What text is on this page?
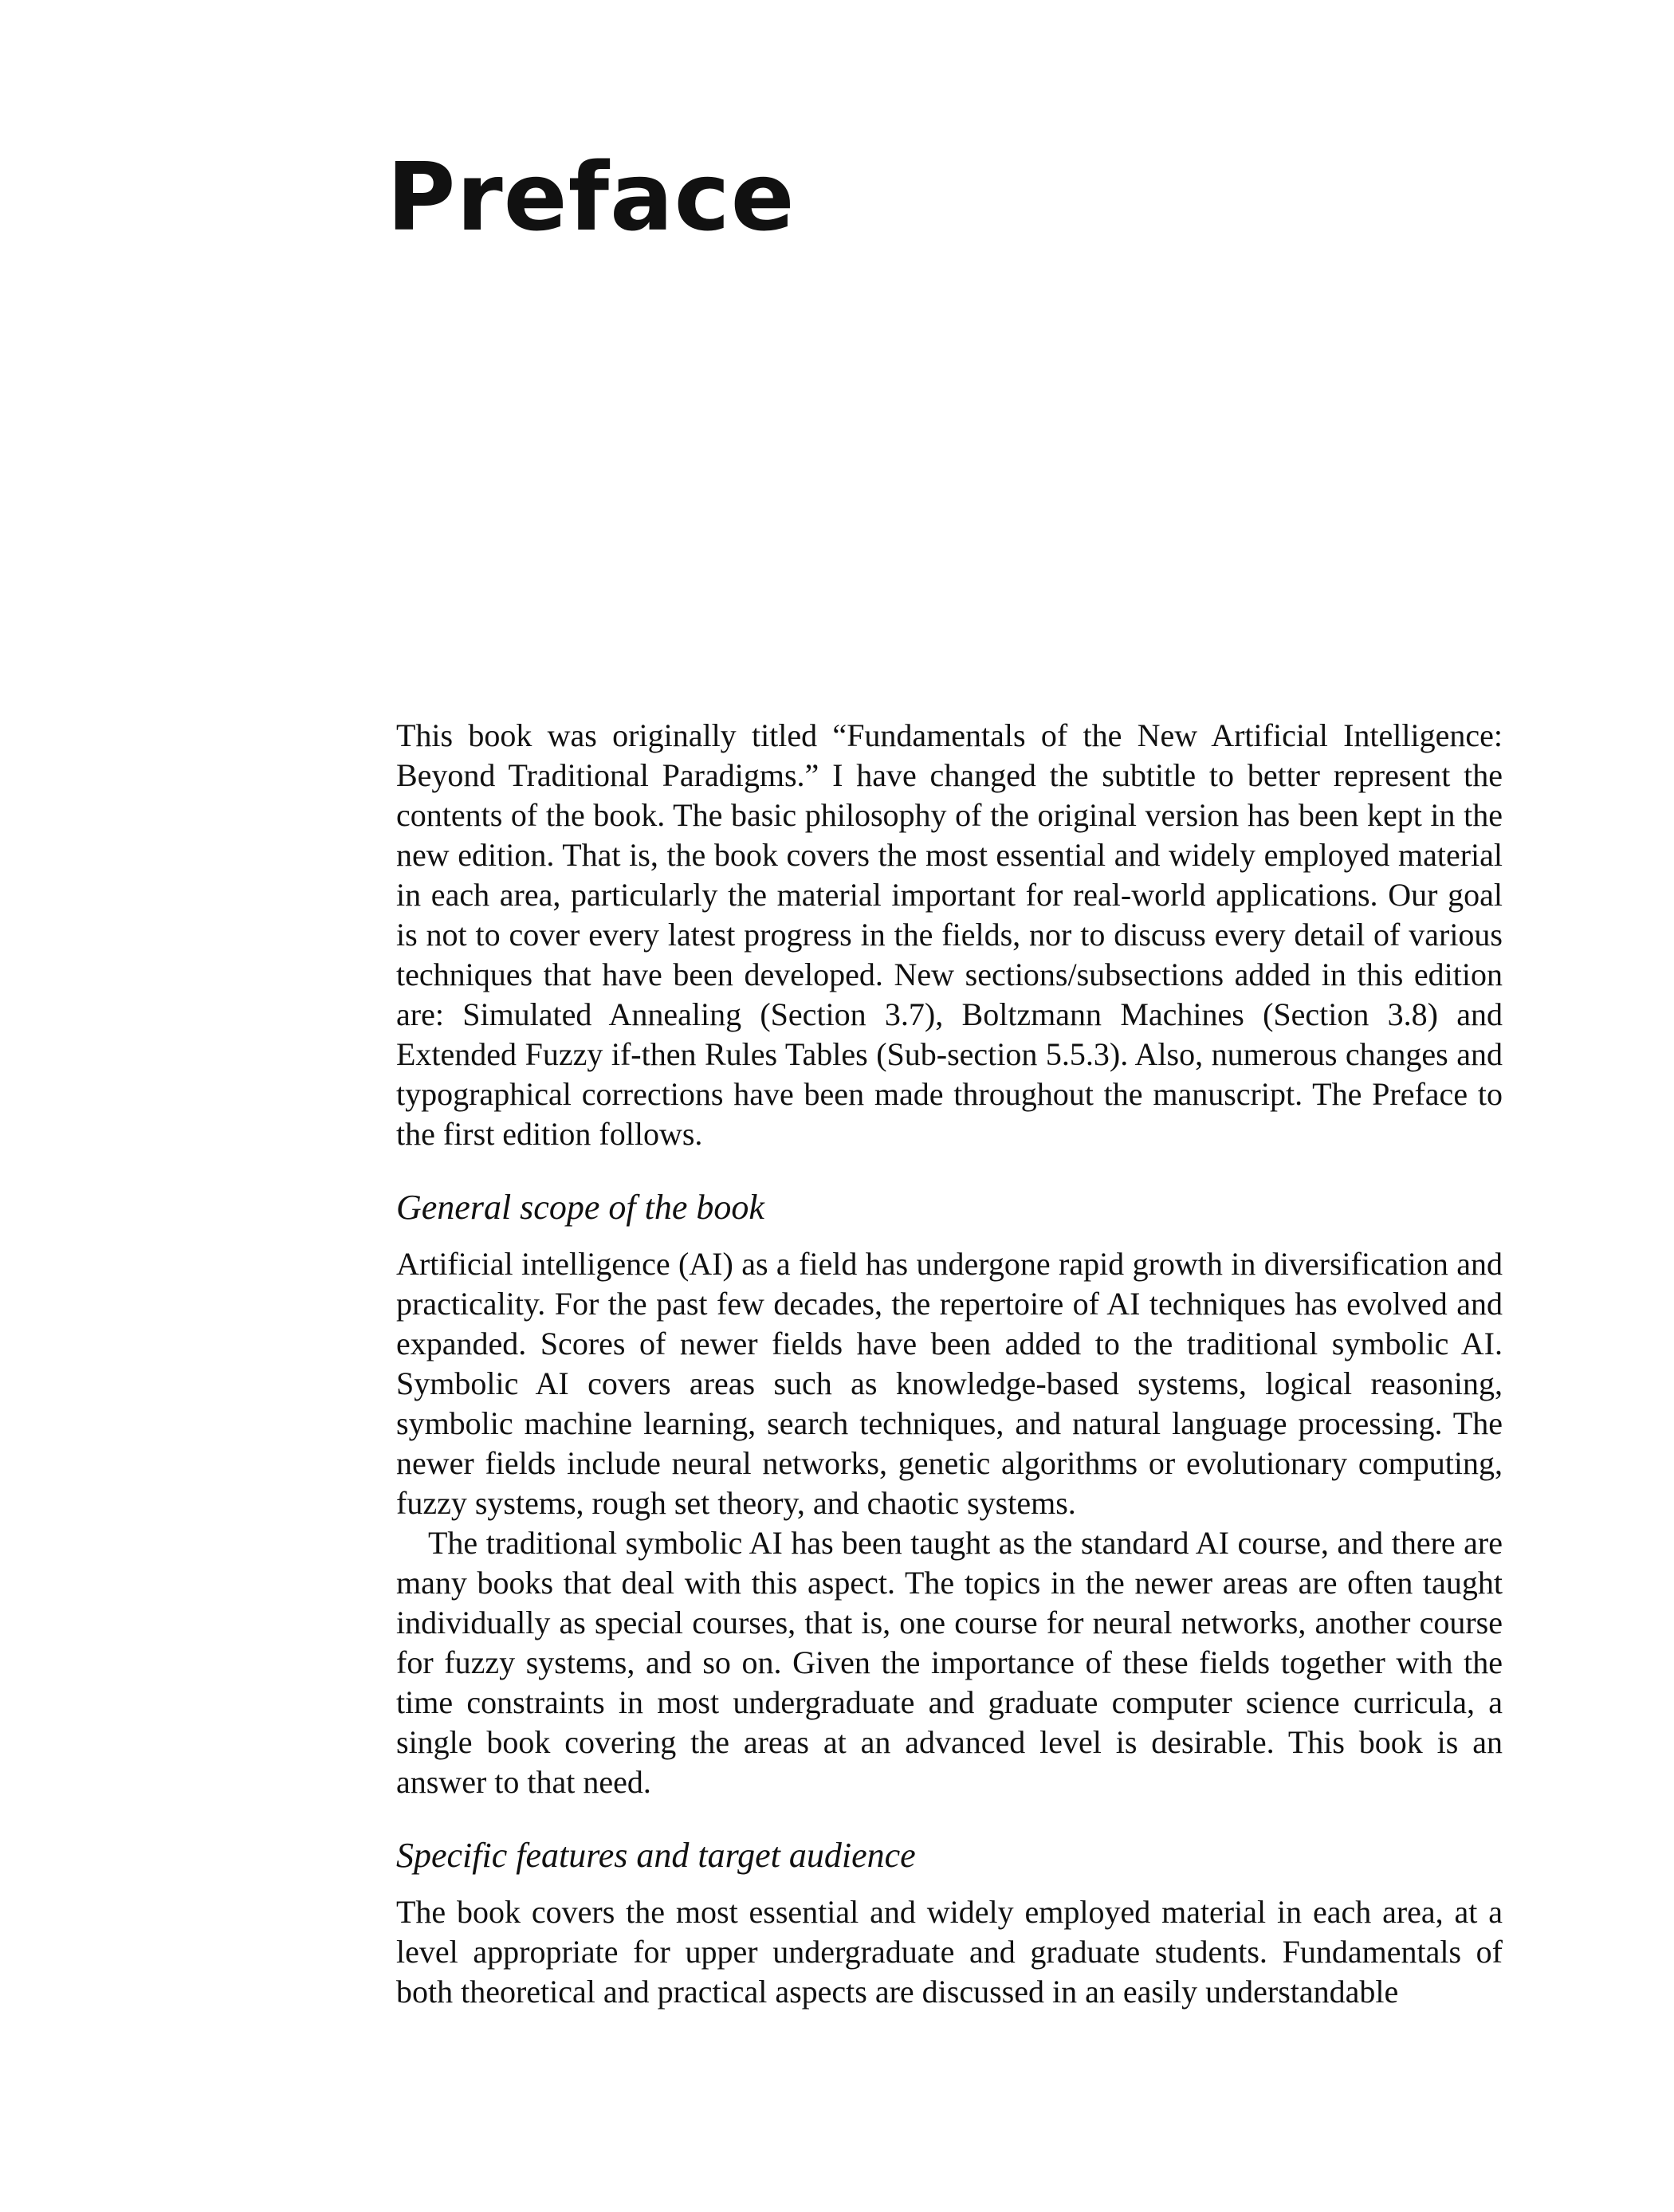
Preface

This book was originally titled “Fundamentals of the New Artificial Intelligence: Beyond Traditional Paradigms.” I have changed the subtitle to better represent the contents of the book. The basic philosophy of the original version has been kept in the new edition. That is, the book covers the most essential and widely employed material in each area, particularly the material important for real-world applications. Our goal is not to cover every latest progress in the fields, nor to discuss every detail of various techniques that have been developed. New sections/subsections added in this edition are: Simulated Annealing (Section 3.7), Boltzmann Machines (Section 3.8) and Extended Fuzzy if-then Rules Tables (Sub-section 5.5.3). Also, numerous changes and typographical corrections have been made throughout the manuscript. The Preface to the first edition follows.

General scope of the book

Artificial intelligence (AI) as a field has undergone rapid growth in diversification and practicality. For the past few decades, the repertoire of AI techniques has evolved and expanded. Scores of newer fields have been added to the traditional symbolic AI. Symbolic AI covers areas such as knowledge-based systems, logical reasoning, symbolic machine learning, search techniques, and natural language processing. The newer fields include neural networks, genetic algorithms or evolutionary computing, fuzzy systems, rough set theory, and chaotic systems.

The traditional symbolic AI has been taught as the standard AI course, and there are many books that deal with this aspect. The topics in the newer areas are often taught individually as special courses, that is, one course for neural networks, another course for fuzzy systems, and so on. Given the importance of these fields together with the time constraints in most undergraduate and graduate computer science curricula, a single book covering the areas at an advanced level is desirable. This book is an answer to that need.

Specific features and target audience

The book covers the most essential and widely employed material in each area, at a level appropriate for upper undergraduate and graduate students. Fundamentals of both theoretical and practical aspects are discussed in an easily understandable
